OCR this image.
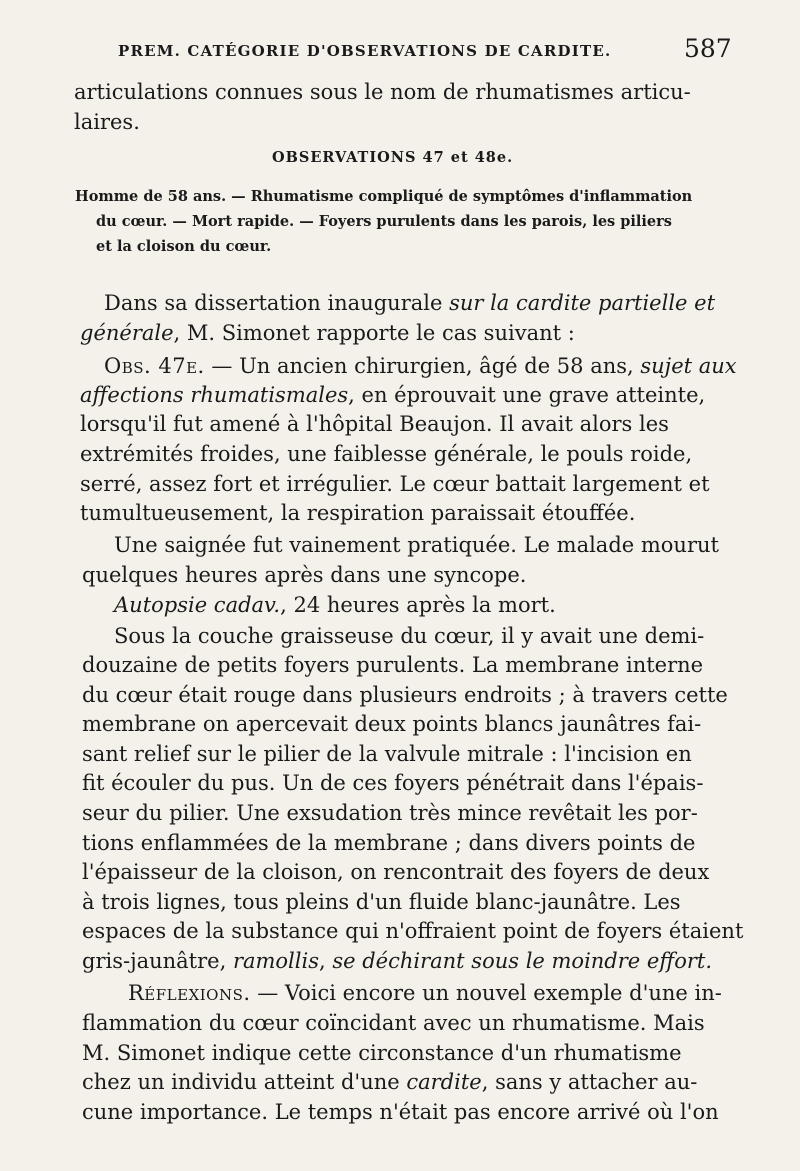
PREM. CATÉGORIE D'OBSERVATIONS DE CARDITE.	587
articulations connues sous le nom de rhumatismes articu-
laires.
OBSERVATIONS 47 et 48e.
Homme de 58 ans. — Rhumatisme compliqué de symptômes d'inflammation
du cœur. — Mort rapide. — Foyers purulents dans les parois, les piliers
et la cloison du cœur.
Dans sa dissertation inaugurale sur la cardite partielle et
générale, M. Simonet rapporte le cas suivant :
Obs. 47e. — Un ancien chirurgien, âgé de 58 ans, sujet aux
affections rhumatismales, en éprouvait une grave atteinte,
lorsqu'il fut amené à l'hôpital Beaujon. Il avait alors les
extrémités froides, une faiblesse générale, le pouls roide,
serré, assez fort et irrégulier. Le cœur battait largement et
tumultueusement, la respiration paraissait étouffée.
Une saignée fut vainement pratiquée. Le malade mourut
quelques heures après dans une syncope.
Autopsie cadav., 24 heures après la mort.
Sous la couche graisseuse du cœur, il y avait une demi-
douzaine de petits foyers purulents. La membrane interne
du cœur était rouge dans plusieurs endroits ; à travers cette
membrane on apercevait deux points blancs jaunâtres fai-
sant relief sur le pilier de la valvule mitrale : l'incision en
fit écouler du pus. Un de ces foyers pénétrait dans l'épais-
seur du pilier. Une exsudation très mince revêtait les por-
tions enflammées de la membrane ; dans divers points de
l'épaisseur de la cloison, on rencontrait des foyers de deux
à trois lignes, tous pleins d'un fluide blanc-jaunâtre. Les
espaces de la substance qui n'offraient point de foyers étaient
gris-jaunâtre, ramollis, se déchirant sous le moindre effort.
Réflexions. — Voici encore un nouvel exemple d'une in-
flammation du cœur coïncidant avec un rhumatisme. Mais
M. Simonet indique cette circonstance d'un rhumatisme
chez un individu atteint d'une cardite, sans y attacher au-
cune importance. Le temps n'était pas encore arrivé où l'on
